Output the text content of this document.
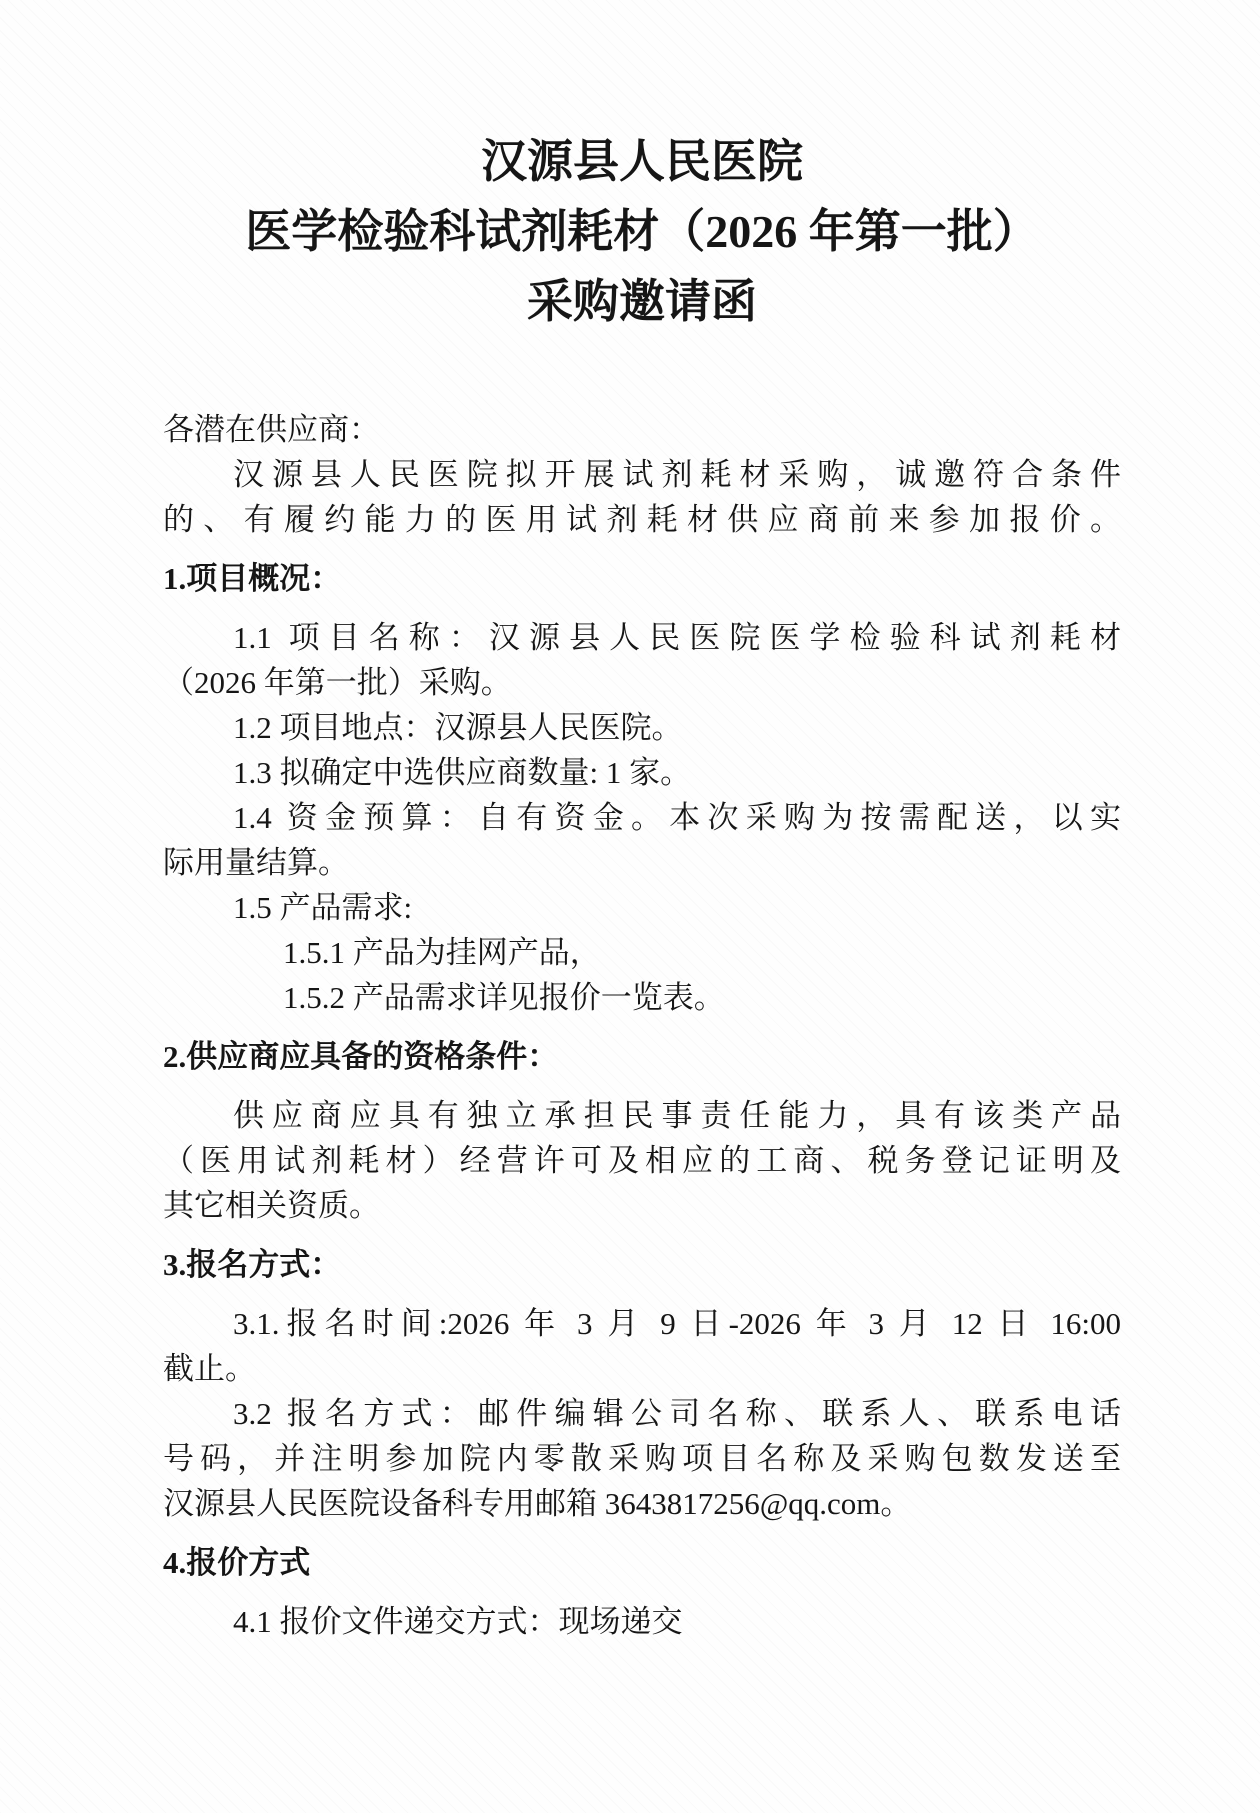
汉源县人民医院
医学检验科试剂耗材（2026 年第一批）
采购邀请函

各潜在供应商：

汉源县人民医院拟开展试剂耗材采购，诚邀符合条件

的、有履约能力的医用试剂耗材供应商前来参加报价。

1.项目概况：

1.1 项目名称：汉源县人民医院医学检验科试剂耗材

（2026 年第一批）采购。

1.2 项目地点：汉源县人民医院。

1.3 拟确定中选供应商数量: 1 家。

1.4 资金预算：自有资金。本次采购为按需配送，以实

际用量结算。

1.5 产品需求:

1.5.1 产品为挂网产品，

1.5.2 产品需求详见报价一览表。

2.供应商应具备的资格条件：

供应商应具有独立承担民事责任能力，具有该类产品

（医用试剂耗材）经营许可及相应的工商、税务登记证明及

其它相关资质。

3.报名方式：

3.1.报名时间:2026 年 3 月 9 日-2026 年 3 月 12 日 16:00

截止。

3.2 报名方式：邮件编辑公司名称、联系人、联系电话

号码，并注明参加院内零散采购项目名称及采购包数发送至

汉源县人民医院设备科专用邮箱 3643817256@qq.com。

4.报价方式

4.1 报价文件递交方式：现场递交
